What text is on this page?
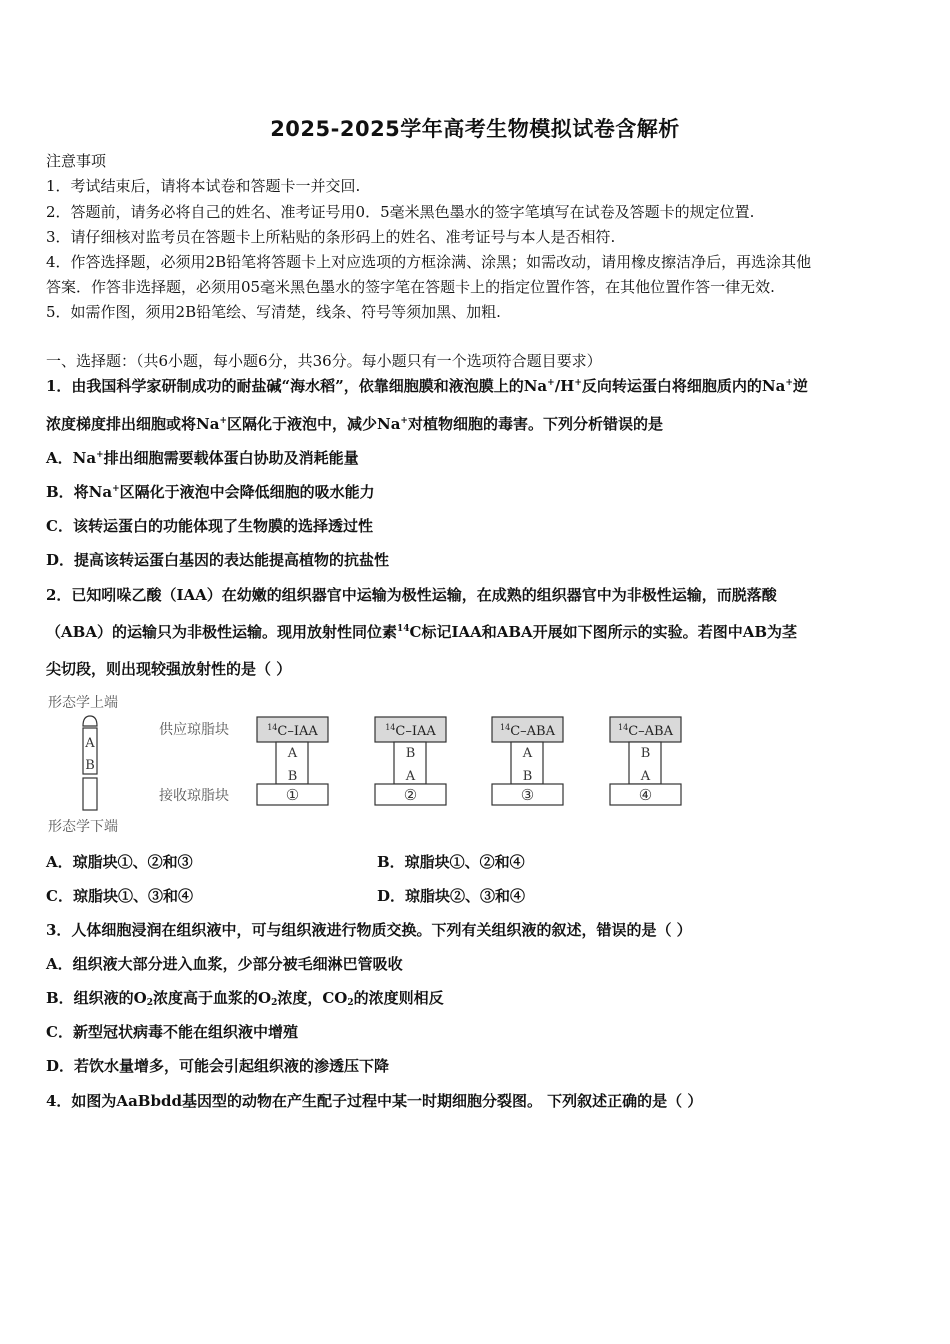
2025-2025学年高考生物模拟试卷含解析
注意事项
1．考试结束后，请将本试卷和答题卡一并交回.
2．答题前，请务必将自己的姓名、准考证号用0．5毫米黑色墨水的签字笔填写在试卷及答题卡的规定位置.
3．请仔细核对监考员在答题卡上所粘贴的条形码上的姓名、准考证号与本人是否相符.
4．作答选择题，必须用2B铅笔将答题卡上对应选项的方框涂满、涂黑；如需改动，请用橡皮擦洁净后，再选涂其他
答案．作答非选择题，必须用05毫米黑色墨水的签字笔在答题卡上的指定位置作答，在其他位置作答一律无效.
5．如需作图，须用2B铅笔绘、写清楚，线条、符号等须加黑、加粗.
一、选择题：（共6小题，每小题6分，共36分。每小题只有一个选项符合题目要求）
1．由我国科学家研制成功的耐盐碱“海水稻”，依靠细胞膜和液泡膜上的Na+/H+反向转运蛋白将细胞质内的Na+逆
浓度梯度排出细胞或将Na+区隔化于液泡中，减少Na+对植物细胞的毒害。下列分析错误的是
A．Na+排出细胞需要载体蛋白协助及消耗能量
B．将Na+区隔化于液泡中会降低细胞的吸水能力
C．该转运蛋白的功能体现了生物膜的选择透过性
D．提高该转运蛋白基因的表达能提高植物的抗盐性
2．已知吲哚乙酸（IAA）在幼嫩的组织器官中运输为极性运输，在成熟的组织器官中为非极性运输，而脱落酸
（ABA）的运输只为非极性运输。现用放射性同位素$^{14}$C标记IAA和ABA开展如下图所示的实验。若图中AB为茎
尖切段，则出现较强放射性的是（ ）
形态学上端
形态学下端
A
B
供应琼脂块
接收琼脂块
$^{14}$C–IAA
A
B
①
$^{14}$C–IAA
B
A
②
$^{14}$C–ABA
A
B
③
$^{14}$C–ABA
B
A
④
A．琼脂块①、②和③	B．琼脂块①、②和④
C．琼脂块①、③和④	D．琼脂块②、③和④
3．人体细胞浸润在组织液中，可与组织液进行物质交换。下列有关组织液的叙述，错误的是（ ）
A．组织液大部分进入血浆，少部分被毛细淋巴管吸收
B．组织液的$O_2$浓度高于血浆的$O_2$浓度，$CO_2$的浓度则相反
C．新型冠状病毒不能在组织液中增殖
D．若饮水量增多，可能会引起组织液的渗透压下降
4．如图为AaBbdd基因型的动物在产生配子过程中某一时期细胞分裂图。 下列叙述正确的是（ ）
